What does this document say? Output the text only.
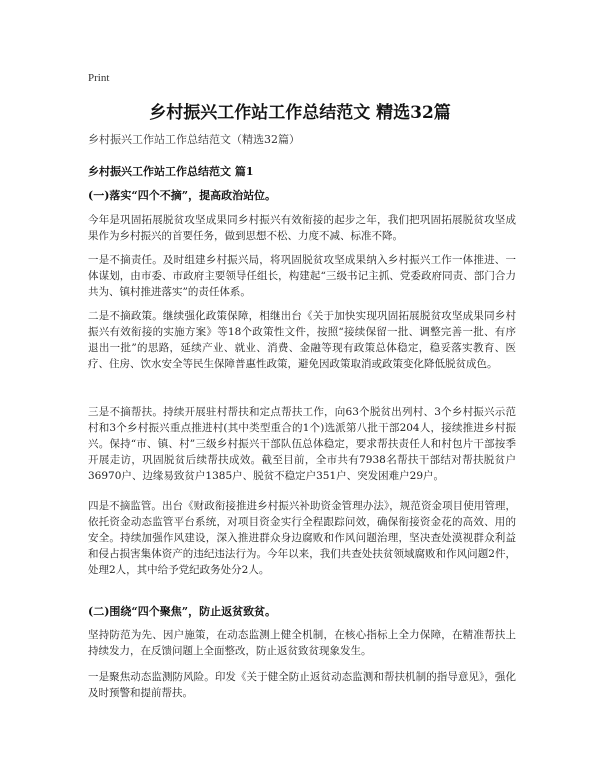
Print
乡村振兴工作站工作总结范文 精选32篇
乡村振兴工作站工作总结范文（精选32篇）
乡村振兴工作站工作总结范文 篇1
(一)落实“四个不摘”，提高政治站位。
今年是巩固拓展脱贫攻坚成果同乡村振兴有效衔接的起步之年，我们把巩固拓展脱贫攻坚成果作为乡村振兴的首要任务，做到思想不松、力度不减、标准不降。
一是不摘责任。及时组建乡村振兴局，将巩固脱贫攻坚成果纳入乡村振兴工作一体推进、一体谋划，由市委、市政府主要领导任组长，构建起“三级书记主抓、党委政府同责、部门合力共为、镇村推进落实”的责任体系。
二是不摘政策。继续强化政策保障，相继出台《关于加快实现巩固拓展脱贫攻坚成果同乡村振兴有效衔接的实施方案》等18个政策性文件，按照“接续保留一批、调整完善一批、有序退出一批”的思路，延续产业、就业、消费、金融等现有政策总体稳定，稳妥落实教育、医疗、住房、饮水安全等民生保障普惠性政策，避免因政策取消或政策变化降低脱贫成色。
三是不摘帮扶。持续开展驻村帮扶和定点帮扶工作，向63个脱贫出列村、3个乡村振兴示范村和3个乡村振兴重点推进村(其中类型重合的1个)选派第八批干部204人，接续推进乡村振兴。保持“市、镇、村”三级乡村振兴干部队伍总体稳定，要求帮扶责任人和村包片干部按季开展走访，巩固脱贫后续帮扶成效。截至目前，全市共有7938名帮扶干部结对帮扶脱贫户36970户、边缘易致贫户1385户、脱贫不稳定户351户、突发困难户29户。
四是不摘监管。出台《财政衔接推进乡村振兴补助资金管理办法》，规范资金项目使用管理，依托资金动态监管平台系统，对项目资金实行全程跟踪问效，确保衔接资金花的高效、用的安全。持续加强作风建设，深入推进群众身边腐败和作风问题治理，坚决查处漠视群众利益和侵占损害集体资产的违纪违法行为。今年以来，我们共查处扶贫领域腐败和作风问题2件，处理2人，其中给予党纪政务处分2人。
(二)围绕“四个聚焦”，防止返贫致贫。
坚持防范为先、因户施策，在动态监测上健全机制，在核心指标上全力保障，在精准帮扶上持续发力，在反馈问题上全面整改，防止返贫致贫现象发生。
一是聚焦动态监测防风险。印发《关于健全防止返贫动态监测和帮扶机制的指导意见》，强化及时预警和提前帮扶。
